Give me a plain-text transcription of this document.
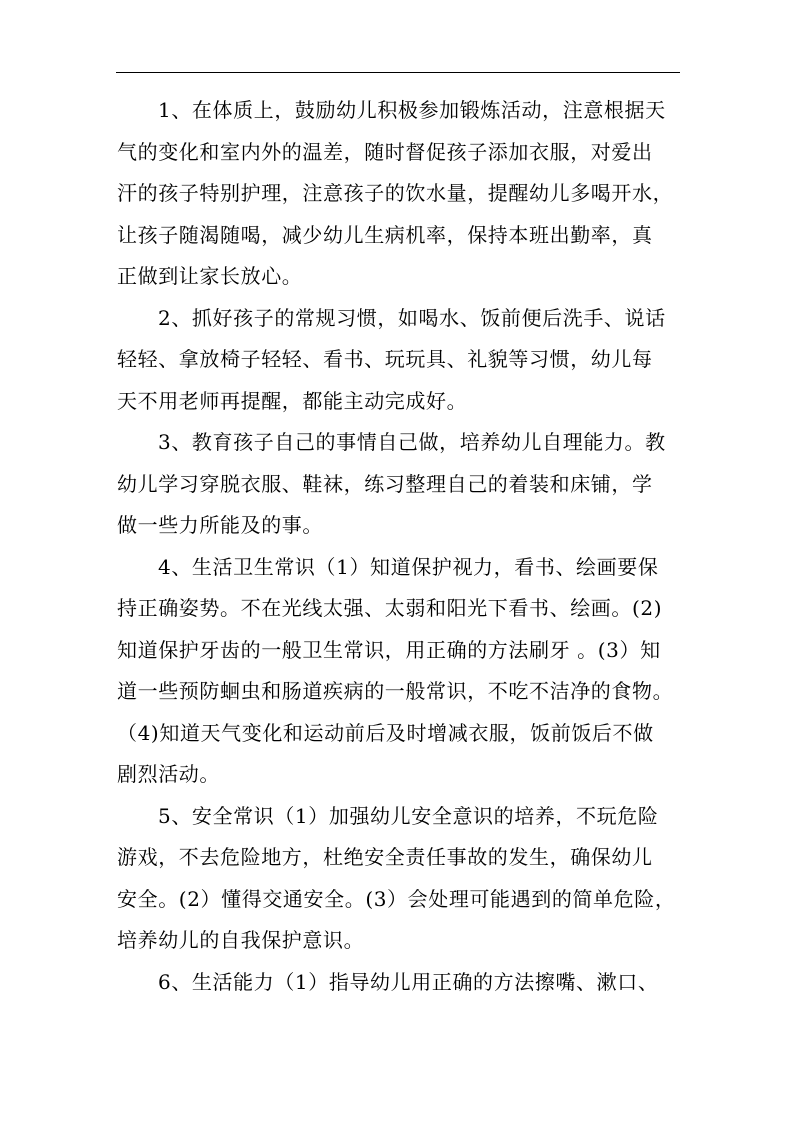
1、在体质上，鼓励幼儿积极参加锻炼活动，注意根据天
气的变化和室内外的温差，随时督促孩子添加衣服，对爱出
汗的孩子特别护理，注意孩子的饮水量，提醒幼儿多喝开水，
让孩子随渴随喝，减少幼儿生病机率，保持本班出勤率，真
正做到让家长放心。
2、抓好孩子的常规习惯，如喝水、饭前便后洗手、说话
轻轻、拿放椅子轻轻、看书、玩玩具、礼貌等习惯，幼儿每
天不用老师再提醒，都能主动完成好。
3、教育孩子自己的事情自己做，培养幼儿自理能力。教
幼儿学习穿脱衣服、鞋袜，练习整理自己的着装和床铺，学
做一些力所能及的事。
4、生活卫生常识（1）知道保护视力，看书、绘画要保
持正确姿势。不在光线太强、太弱和阳光下看书、绘画。(2)
知道保护牙齿的一般卫生常识，用正确的方法刷牙 。(3）知
道一些预防蛔虫和肠道疾病的一般常识，不吃不洁净的食物。
（4)知道天气变化和运动前后及时增减衣服，饭前饭后不做
剧烈活动。
5、安全常识（1）加强幼儿安全意识的培养，不玩危险
游戏，不去危险地方，杜绝安全责任事故的发生，确保幼儿
安全。(2）懂得交通安全。(3）会处理可能遇到的简单危险，
培养幼儿的自我保护意识。
6、生活能力（1）指导幼儿用正确的方法擦嘴、漱口、
